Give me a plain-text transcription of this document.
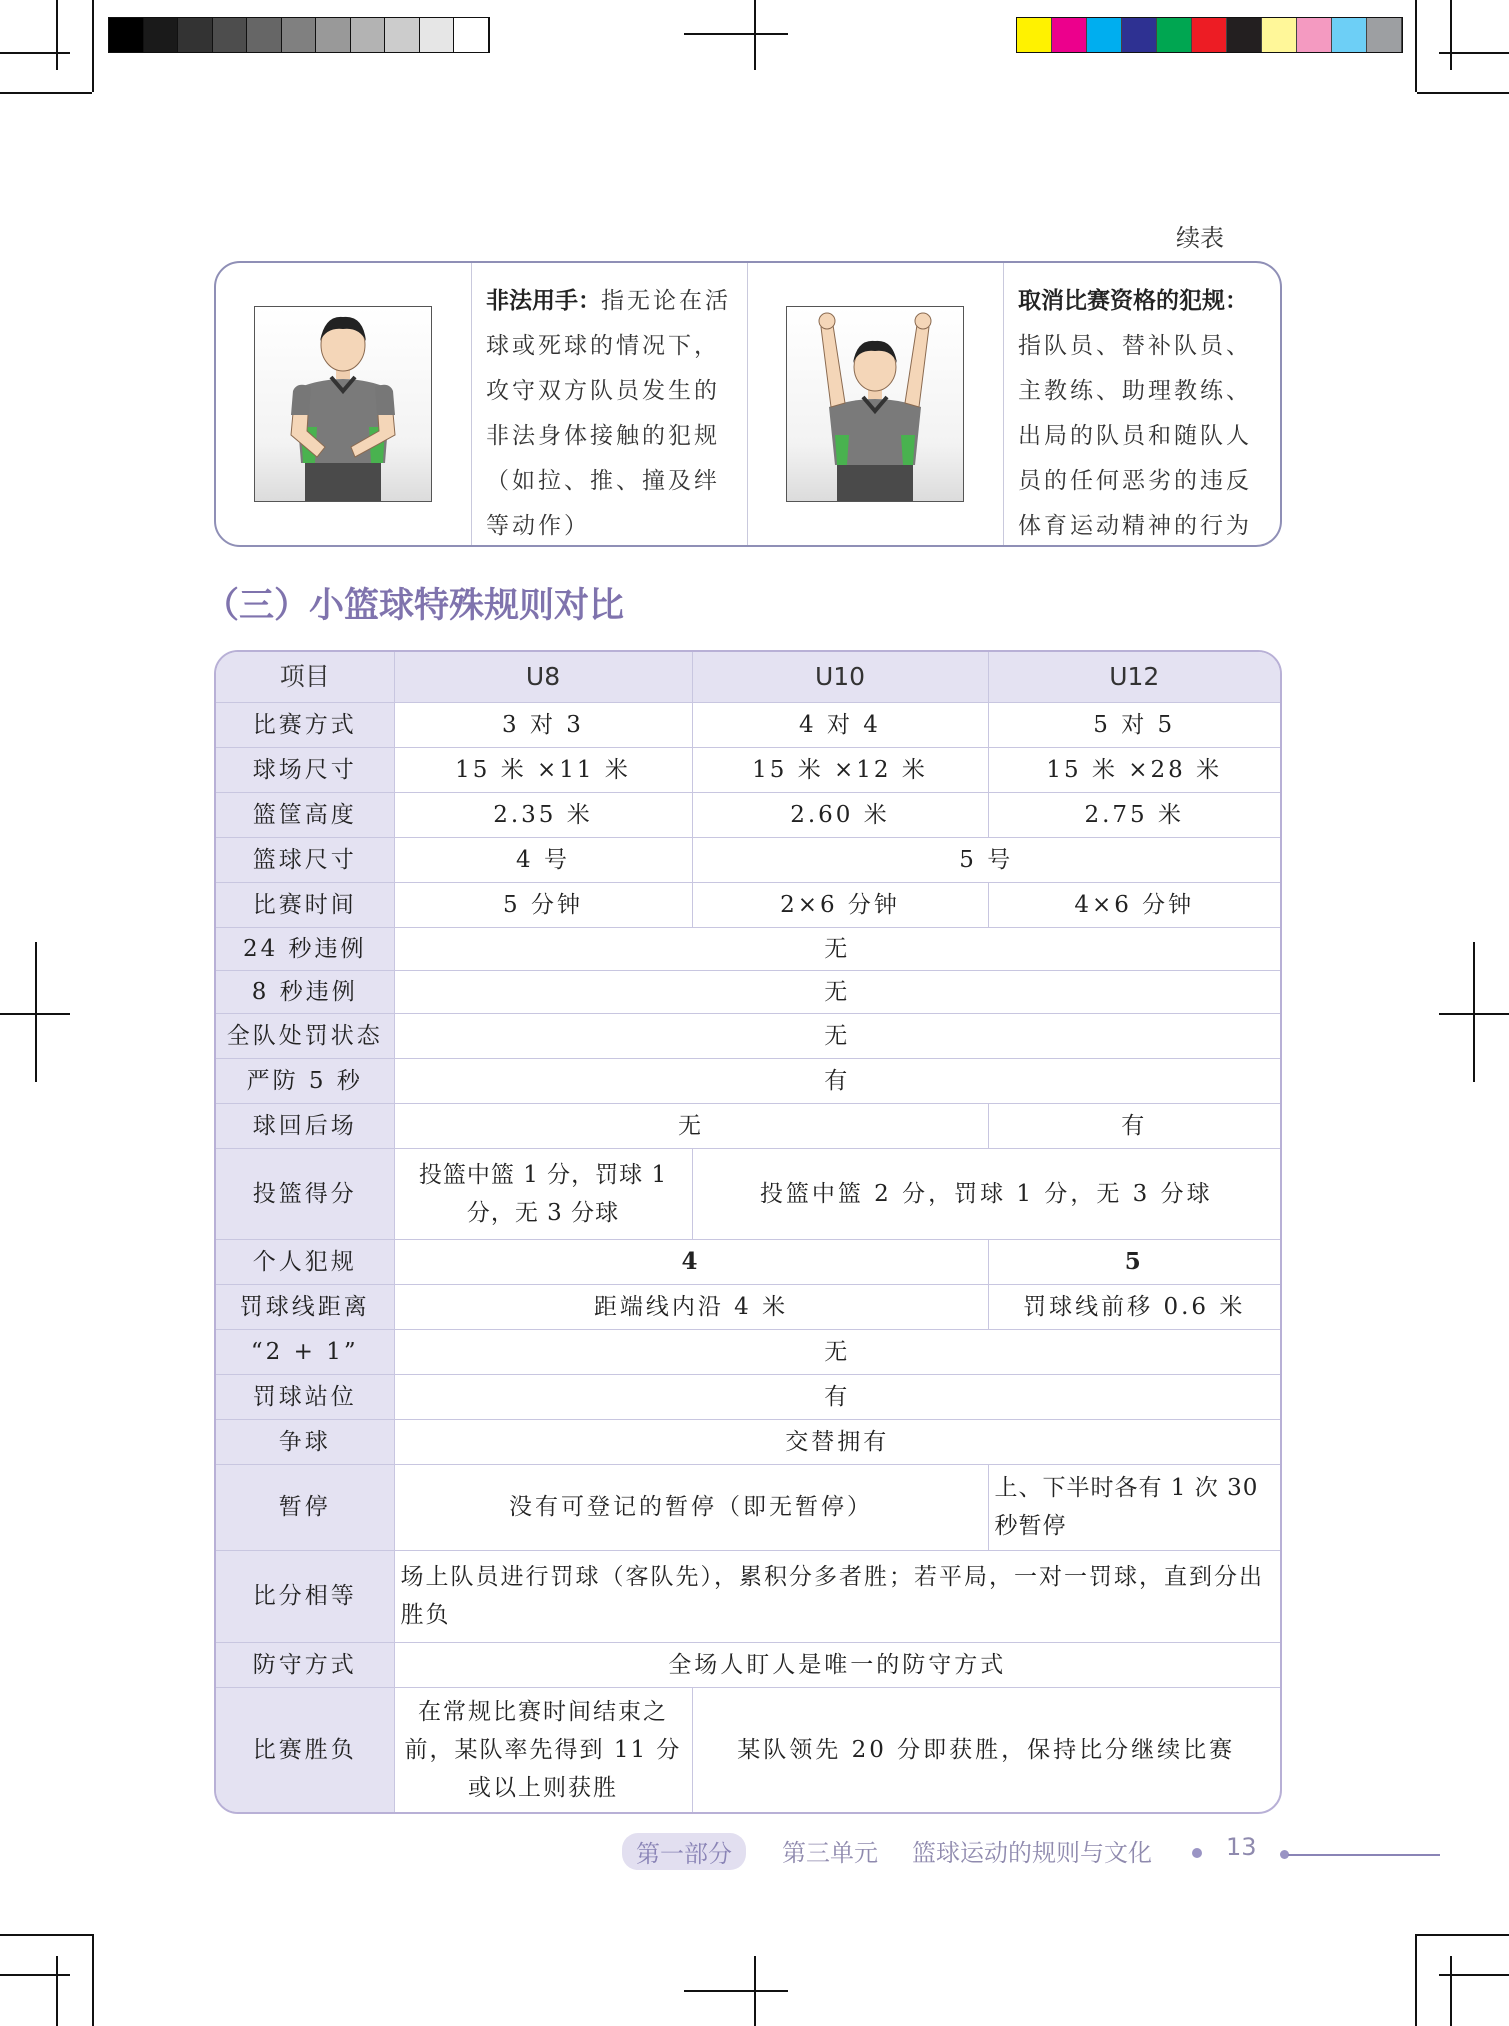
续表
非法用手：指无论在活球或死球的情况下，攻守双方队员发生的非法身体接触的犯规（如拉、推、撞及绊等动作）
取消比赛资格的犯规：指队员、替补队员、主教练、助理教练、出局的队员和随队人员的任何恶劣的违反体育运动精神的行为
（三）小篮球特殊规则对比
项目	U8	U10	U12
比赛方式	3 对 3	4 对 4	5 对 5
球场尺寸	15 米 ×11 米	15 米 ×12 米	15 米 ×28 米
篮筐高度	2.35 米	2.60 米	2.75 米
篮球尺寸	4 号	5 号	
比赛时间	5 分钟	2×6 分钟	4×6 分钟
24 秒违例	无		
8 秒违例	无		
全队处罚状态	无		
严防 5 秒	有		
球回后场	无		有
投篮得分	投篮中篮 1 分，罚球 1 分，无 3 分球	投篮中篮 2 分，罚球 1 分，无 3 分球	
个人犯规	4		5
罚球线距离	距端线内沿 4 米		罚球线前移 0.6 米
“2 + 1”	无		
罚球站位	有		
争球	交替拥有		
暂停	没有可登记的暂停（即无暂停）		上、下半时各有 1 次 30 秒暂停
比分相等	场上队员进行罚球（客队先），累积分多者胜；若平局，一对一罚球，直到分出胜负		
防守方式	全场人盯人是唯一的防守方式		
比赛胜负	在常规比赛时间结束之前，某队率先得到 11 分或以上则获胜	某队领先 20 分即获胜，保持比分继续比赛	
第一部分	第三单元 篮球运动的规则与文化	13
